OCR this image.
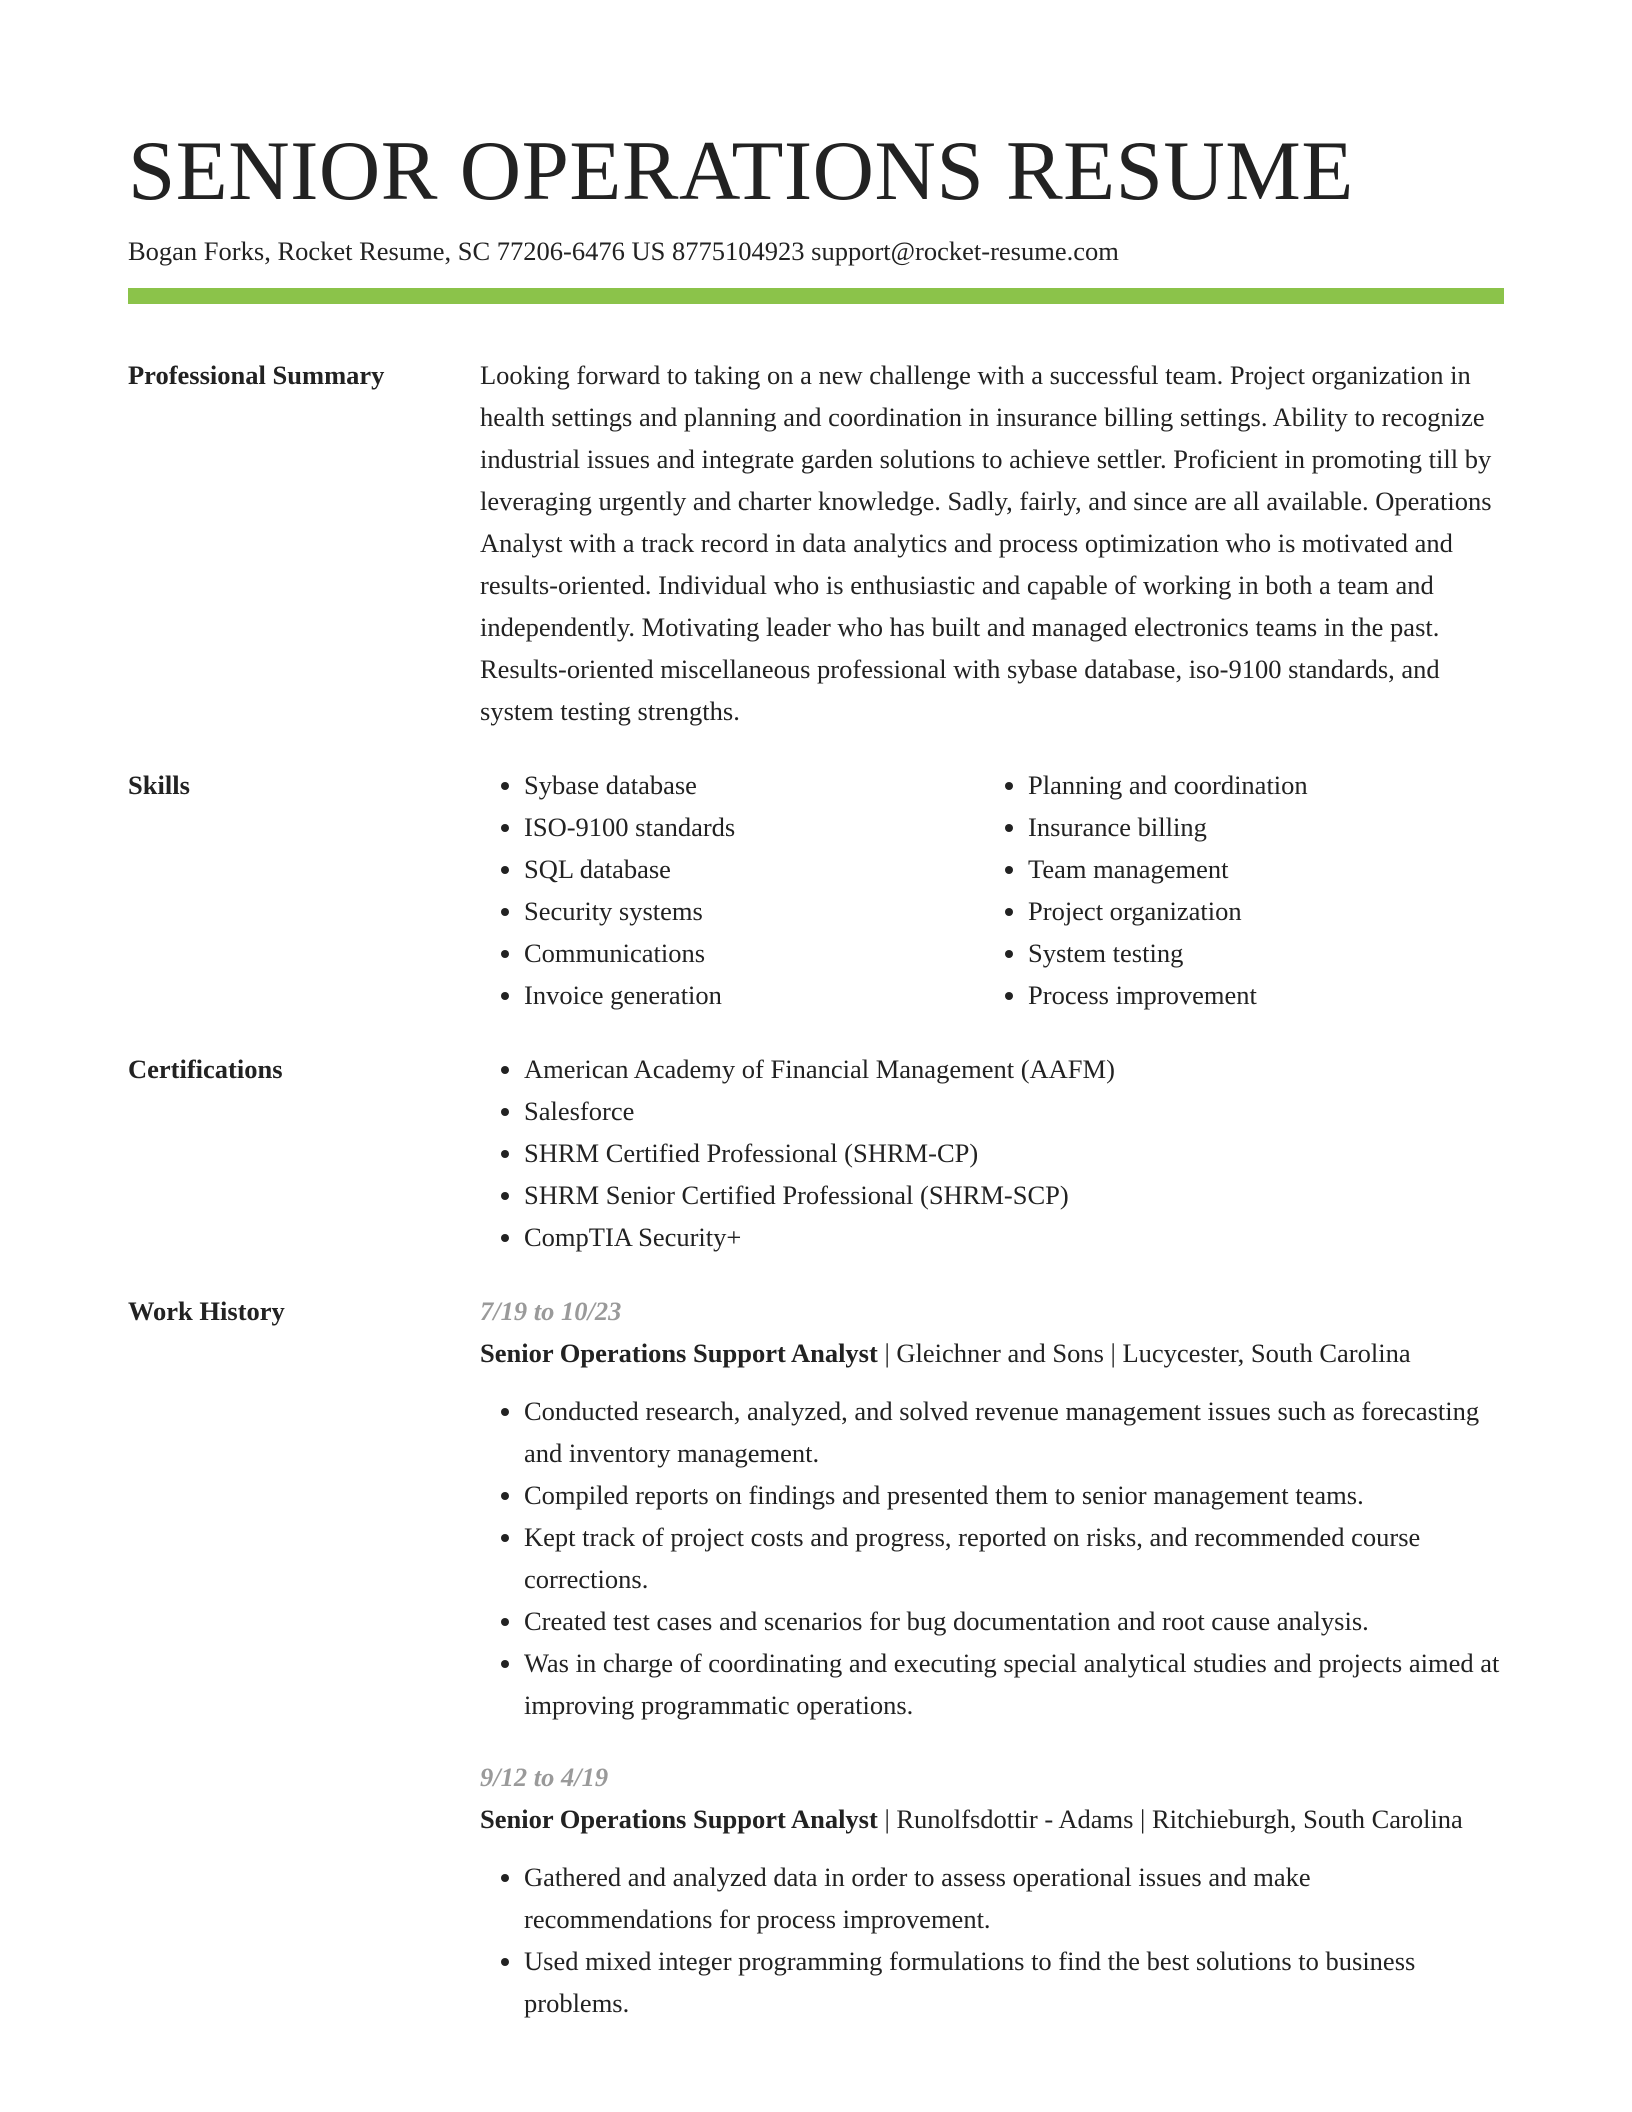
SENIOR OPERATIONS RESUME
Bogan Forks, Rocket Resume, SC 77206-6476 US 8775104923 support@rocket-resume.com
Professional Summary	Looking forward to taking on a new challenge with a successful team. Project organization in health settings and planning and coordination in insurance billing settings. Ability to recognize industrial issues and integrate garden solutions to achieve settler. Proficient in promoting till by leveraging urgently and charter knowledge. Sadly, fairly, and since are all available. Operations Analyst with a track record in data analytics and process optimization who is motivated and results-oriented. Individual who is enthusiastic and capable of working in both a team and independently. Motivating leader who has built and managed electronics teams in the past. Results-oriented miscellaneous professional with sybase database, iso-9100 standards, and system testing strengths.

Skills	• Sybase database
• ISO-9100 standards
• SQL database
• Security systems
• Communications
• Invoice generation
• Planning and coordination
• Insurance billing
• Team management
• Project organization
• System testing
• Process improvement
Certifications	• American Academy of Financial Management (AAFM)
• Salesforce
• SHRM Certified Professional (SHRM-CP)
• SHRM Senior Certified Professional (SHRM-SCP)
• CompTIA Security+
Work History	7/19 to 10/23
Senior Operations Support Analyst | Gleichner and Sons | Lucycester, South Carolina
• Conducted research, analyzed, and solved revenue management issues such as forecasting and inventory management.
• Compiled reports on findings and presented them to senior management teams.
• Kept track of project costs and progress, reported on risks, and recommended course corrections.
• Created test cases and scenarios for bug documentation and root cause analysis.
• Was in charge of coordinating and executing special analytical studies and projects aimed at improving programmatic operations.
9/12 to 4/19
Senior Operations Support Analyst | Runolfsdottir - Adams | Ritchieburgh, South Carolina
• Gathered and analyzed data in order to assess operational issues and make recommendations for process improvement.
• Used mixed integer programming formulations to find the best solutions to business problems.
